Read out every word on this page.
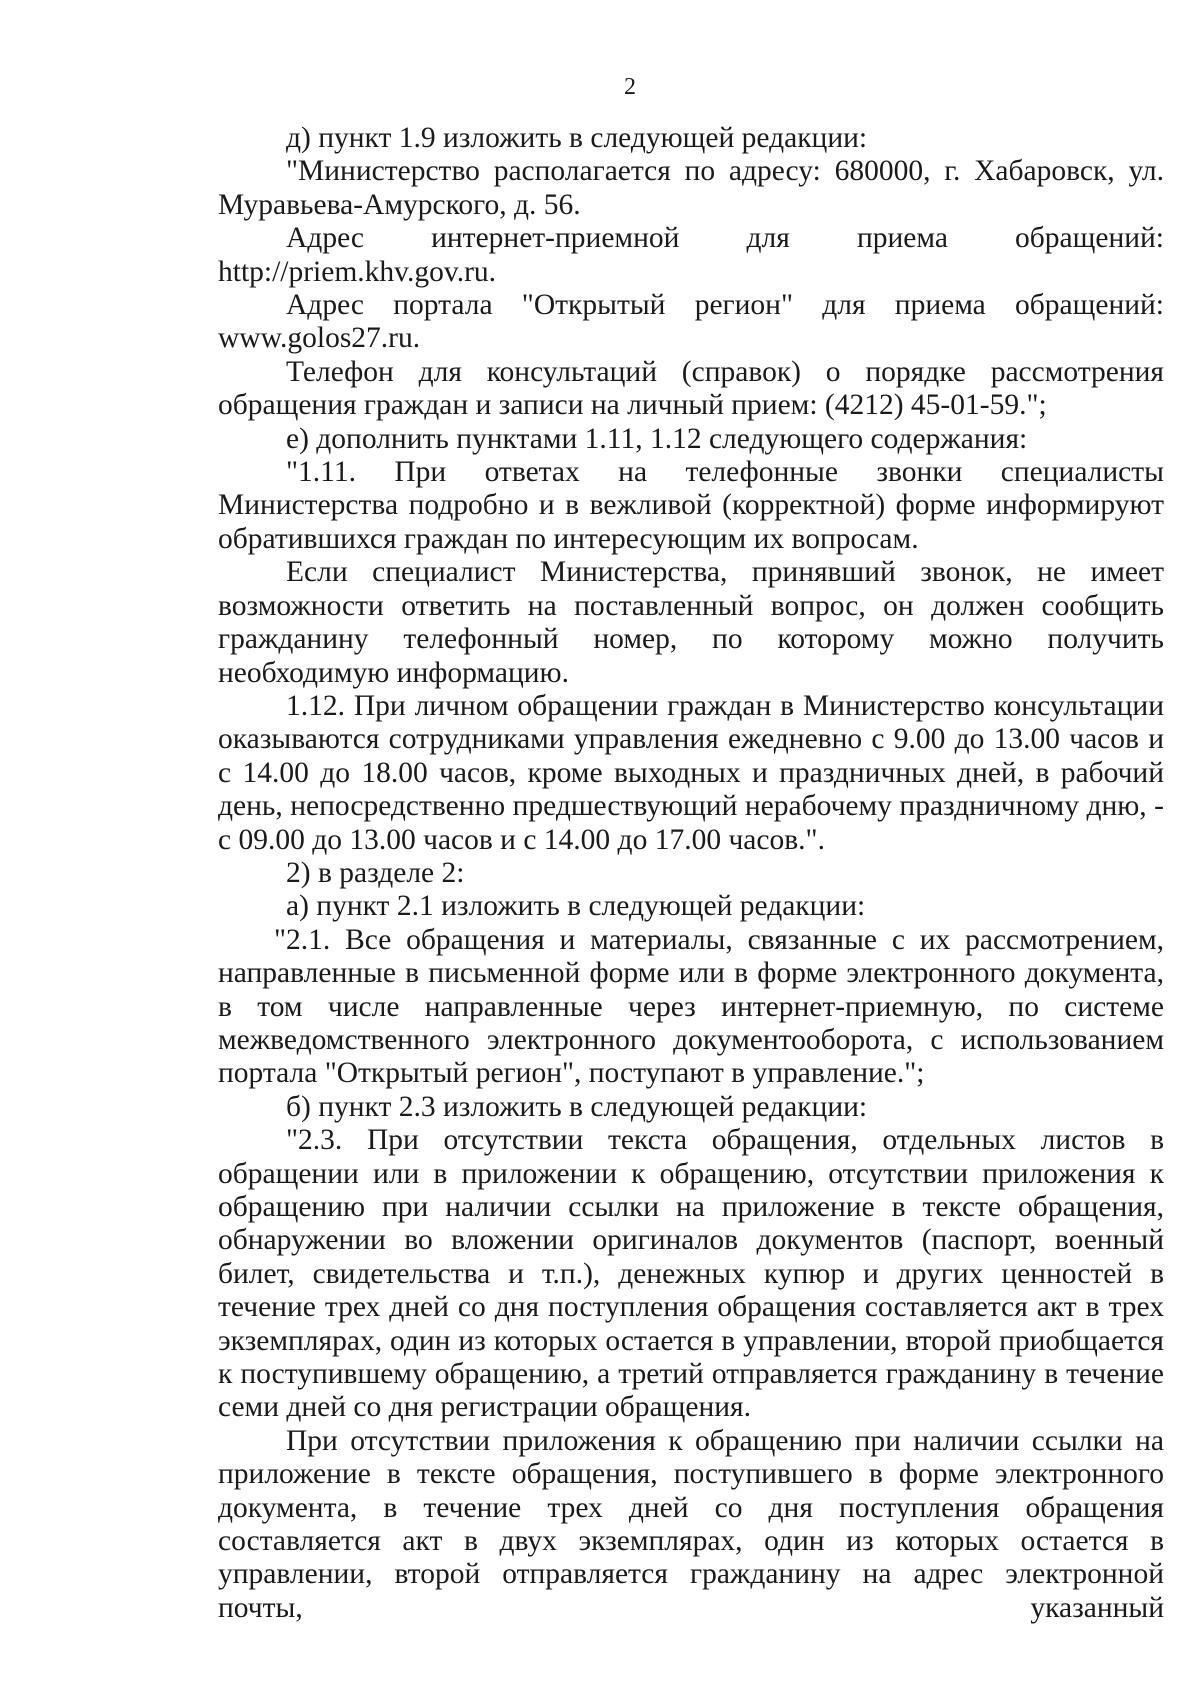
2

д) пункт 1.9 изложить в следующей редакции:

"Министерство располагается по адресу: 680000, г. Хабаровск, ул. Муравьева-Амурского, д. 56.

Адрес интернет-приемной для приема обращений: http://priem.khv.gov.ru.

Адрес портала "Открытый регион" для приема обращений: www.golos27.ru.

Телефон для консультаций (справок) о порядке рассмотрения обращения граждан и записи на личный прием: (4212) 45-01-59.";

е) дополнить пунктами 1.11, 1.12 следующего содержания:

"1.11. При ответах на телефонные звонки специалисты Министерства подробно и в вежливой (корректной) форме информируют обратившихся граждан по интересующим их вопросам.

Если специалист Министерства, принявший звонок, не имеет возможности ответить на поставленный вопрос, он должен сообщить гражданину телефонный номер, по которому можно получить необходимую информацию.

1.12. При личном обращении граждан в Министерство консультации оказываются сотрудниками управления ежедневно с 9.00 до 13.00 часов и с 14.00 до 18.00 часов, кроме выходных и праздничных дней, в рабочий день, непосредственно предшествующий нерабочему праздничному дню, - с 09.00 до 13.00 часов и с 14.00 до 17.00 часов.".

2) в разделе 2:

а) пункт 2.1 изложить в следующей редакции:

"2.1. Все обращения и материалы, связанные с их рассмотрением, направленные в письменной форме или в форме электронного документа, в том числе направленные через интернет-приемную, по системе межведомственного электронного документооборота, с использованием портала "Открытый регион", поступают в управление.";

б) пункт 2.3 изложить в следующей редакции:

"2.3. При отсутствии текста обращения, отдельных листов в обращении или в приложении к обращению, отсутствии приложения к обращению при наличии ссылки на приложение в тексте обращения, обнаружении во вложении оригиналов документов (паспорт, военный билет, свидетельства и т.п.), денежных купюр и других ценностей в течение трех дней со дня поступления обращения составляется акт в трех экземплярах, один из которых остается в управлении, второй приобщается к поступившему обращению, а третий отправляется гражданину в течение семи дней со дня регистрации обращения.

При отсутствии приложения к обращению при наличии ссылки на приложение в тексте обращения, поступившего в форме электронного документа, в течение трех дней со дня поступления обращения составляется акт в двух экземплярах, один из которых остается в управлении, второй отправляется гражданину на адрес электронной почты, указанный
